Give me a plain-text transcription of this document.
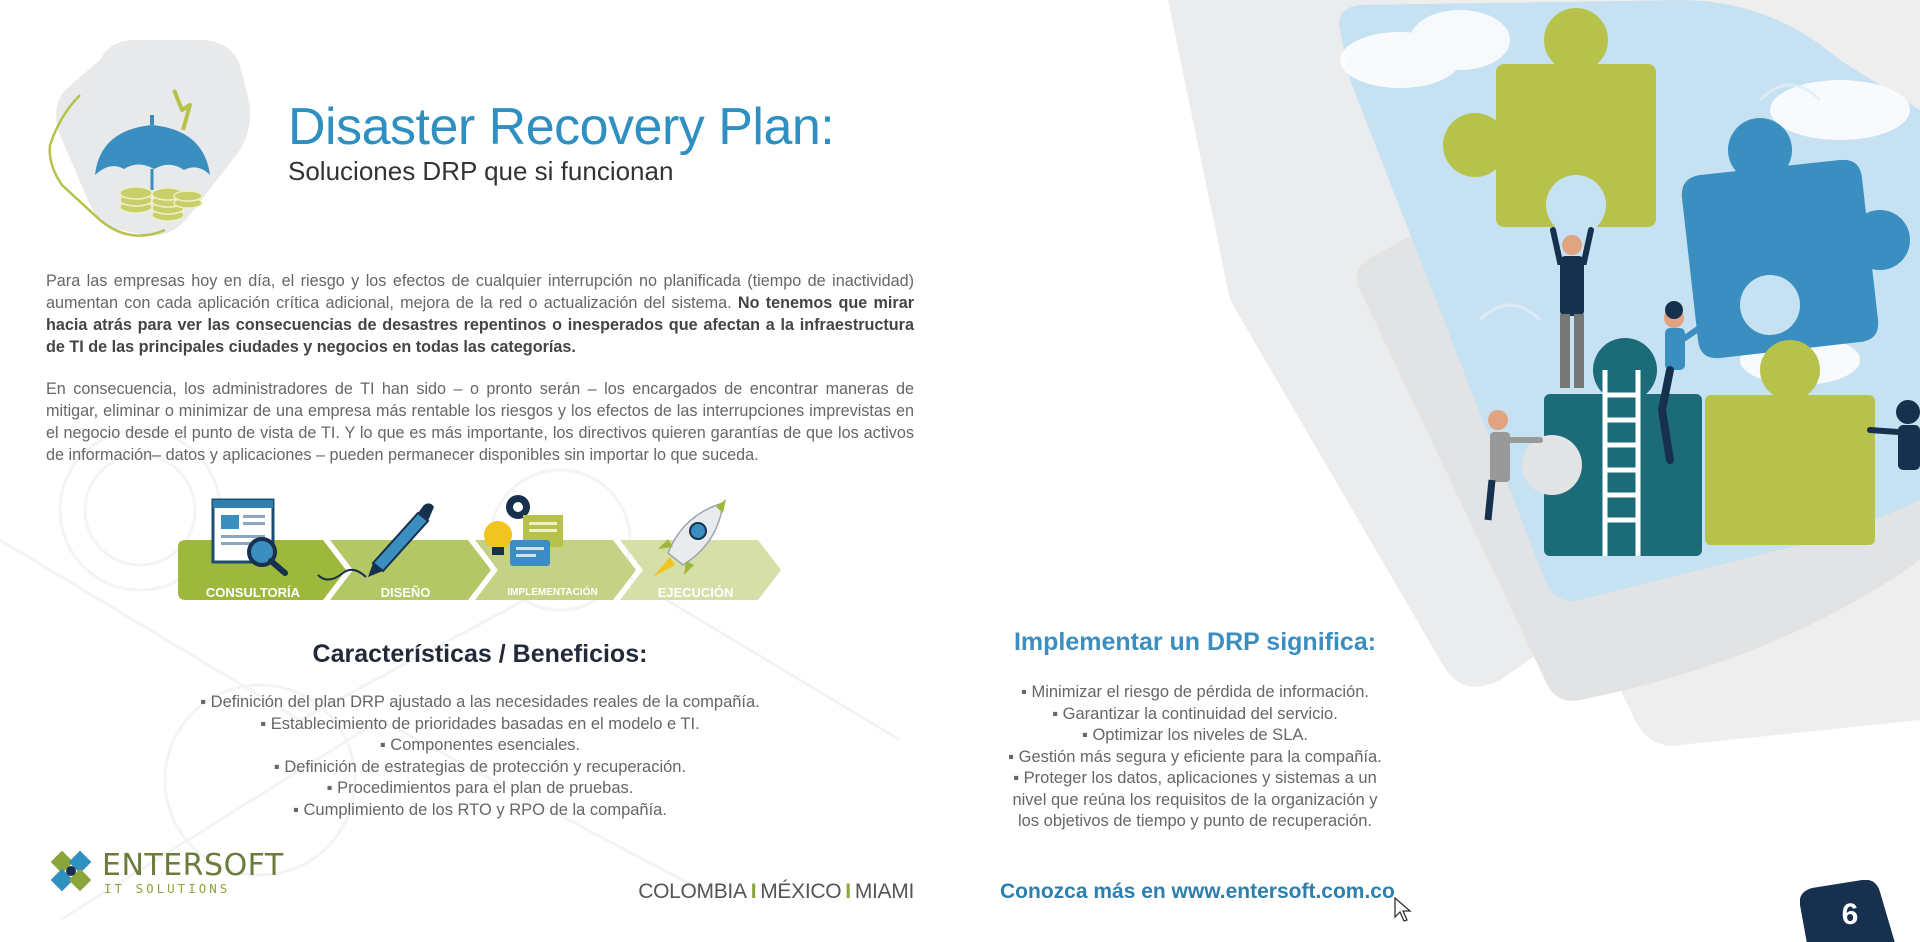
Disaster Recovery Plan:
Soluciones DRP que si funcionan

Para las empresas hoy en día, el riesgo y los efectos de cualquier interrupción no planificada (tiempo de inactividad) aumentan con cada aplicación crítica adicional, mejora de la red o actualización del sistema. No tenemos que mirar hacia atrás para ver las consecuencias de desastres repentinos o inesperados que afectan a la infraestructura de TI de las principales ciudades y negocios en todas las categorías.

En consecuencia, los administradores de TI han sido – o pronto serán – los encargados de encontrar maneras de mitigar, eliminar o minimizar de una empresa más rentable los riesgos y los efectos de las interrupciones imprevistas en el negocio desde el punto de vista de TI. Y lo que es más importante, los directivos quieren garantías de que los activos de información– datos y aplicaciones – pueden permanecer disponibles sin importar lo que suceda.

CONSULTORÍA	DISEÑO	IMPLEMENTACIÓN	EJECUCIÓN
Características / Beneficios:
▪ Definición del plan DRP ajustado a las necesidades reales de la compañía.
▪ Establecimiento de prioridades basadas en el modelo e TI.
▪ Componentes esenciales.
▪ Definición de estrategias de protección y recuperación.
▪ Procedimientos para el plan de pruebas.
▪ Cumplimiento de los RTO y RPO de la compañía.
Implementar un DRP significa:
▪ Minimizar el riesgo de pérdida de información.
▪ Garantizar la continuidad del servicio.
▪ Optimizar los niveles de SLA.
▪ Gestión más segura y eficiente para la compañía.
▪ Proteger los datos, aplicaciones y sistemas a un nivel que reúna los requisitos de la organización y los objetivos de tiempo y punto de recuperación.
ENTERSOFT
IT SOLUTIONS	COLOMBIA I MÉXICO I MIAMI	Conozca más en www.entersoft.com.co
6
